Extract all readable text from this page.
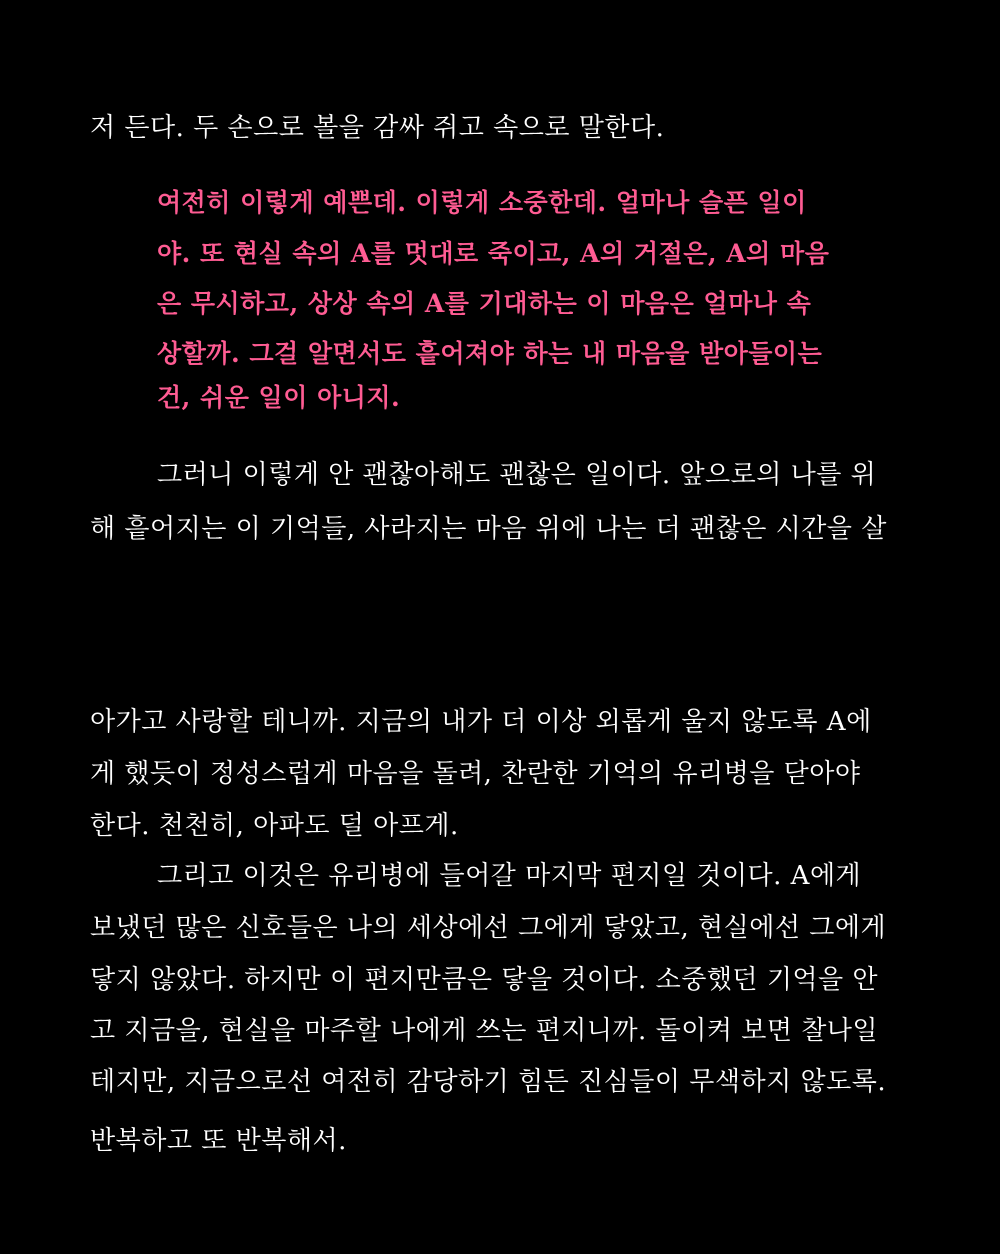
저 든다. 두 손으로 볼을 감싸 쥐고 속으로 말한다.
여전히 이렇게 예쁜데. 이렇게 소중한데. 얼마나 슬픈 일이
야. 또 현실 속의 A를 멋대로 죽이고, A의 거절은, A의 마음
은 무시하고, 상상 속의 A를 기대하는 이 마음은 얼마나 속
상할까. 그걸 알면서도 흩어져야 하는 내 마음을 받아들이는
건, 쉬운 일이 아니지.
그러니 이렇게 안 괜찮아해도 괜찮은 일이다. 앞으로의 나를 위
해 흩어지는 이 기억들, 사라지는 마음 위에 나는 더 괜찮은 시간을 살
아가고 사랑할 테니까. 지금의 내가 더 이상 외롭게 울지 않도록 A에
게 했듯이 정성스럽게 마음을 돌려, 찬란한 기억의 유리병을 닫아야
한다. 천천히, 아파도 덜 아프게.
그리고 이것은 유리병에 들어갈 마지막 편지일 것이다. A에게
보냈던 많은 신호들은 나의 세상에선 그에게 닿았고, 현실에선 그에게
닿지 않았다. 하지만 이 편지만큼은 닿을 것이다. 소중했던 기억을 안
고 지금을, 현실을 마주할 나에게 쓰는 편지니까. 돌이켜 보면 찰나일
테지만, 지금으로선 여전히 감당하기 힘든 진심들이 무색하지 않도록.
반복하고 또 반복해서.
